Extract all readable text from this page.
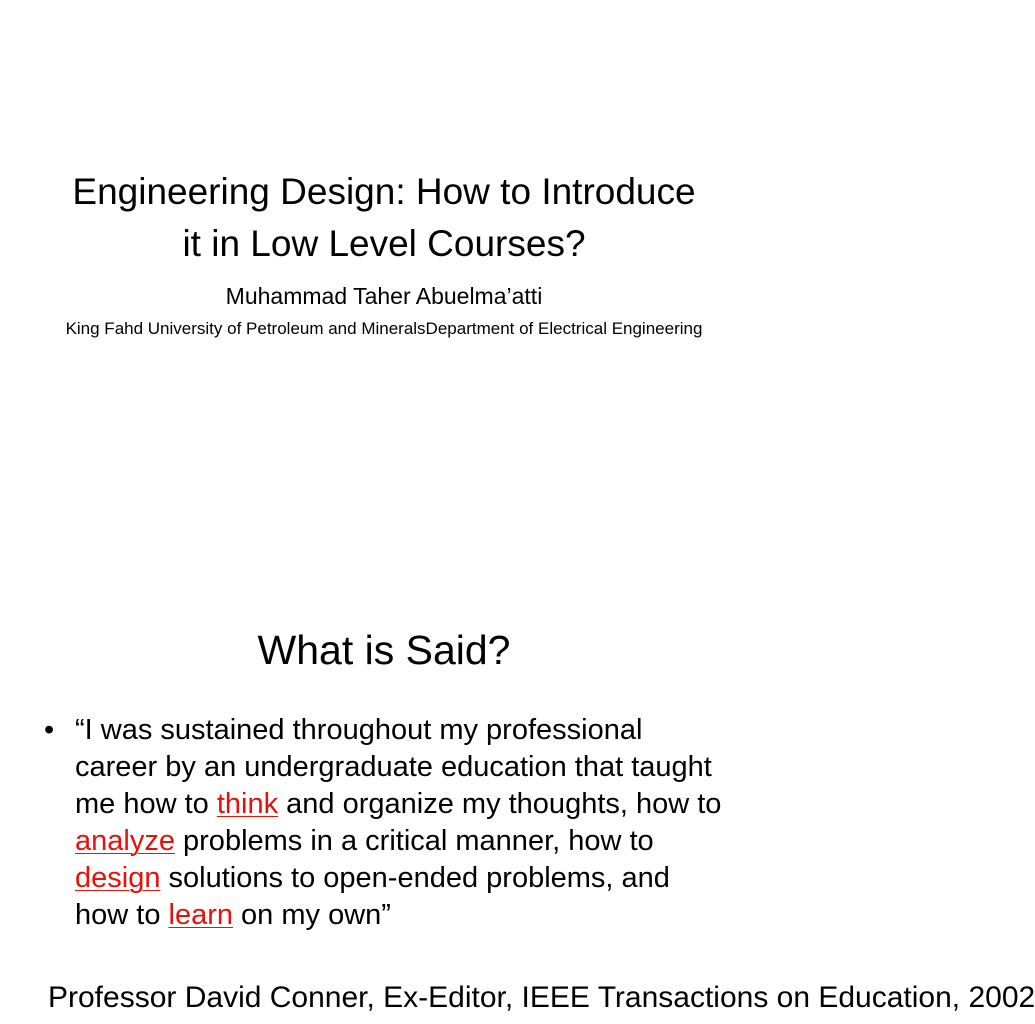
Engineering Design: How to Introduce it in Low Level Courses?

Muhammad Taher Abuelma’atti

King Fahd University of Petroleum and MineralsDepartment of Electrical Engineering

What is Said?
• “I was sustained throughout my professional career by an undergraduate education that taught me how to think and organize my thoughts, how to analyze problems in a critical manner, how to design solutions to open-ended problems, and how to learn on my own”
Professor David Conner, Ex-Editor, IEEE Transactions on Education, 2002
